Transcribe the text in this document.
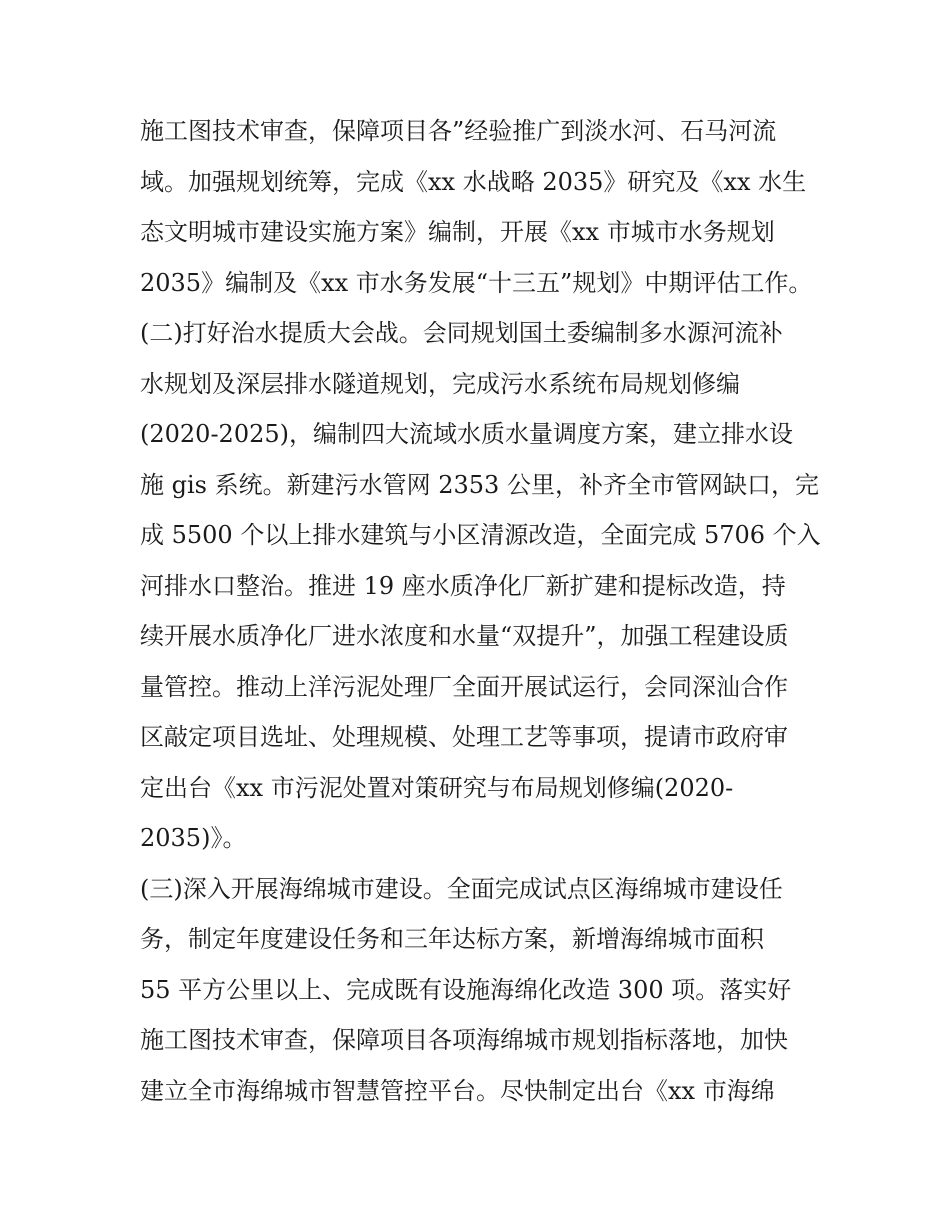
施工图技术审查，保障项目各”经验推广到淡水河、石马河流
域。加强规划统筹，完成《xx 水战略 2035》研究及《xx 水生
态文明城市建设实施方案》编制，开展《xx 市城市水务规划
2035》编制及《xx 市水务发展“十三五”规划》中期评估工作。
(二)打好治水提质大会战。会同规划国土委编制多水源河流补
水规划及深层排水隧道规划，完成污水系统布局规划修编
(2020-2025)，编制四大流域水质水量调度方案，建立排水设
施 gis 系统。新建污水管网 2353 公里，补齐全市管网缺口，完
成 5500 个以上排水建筑与小区清源改造，全面完成 5706 个入
河排水口整治。推进 19 座水质净化厂新扩建和提标改造，持
续开展水质净化厂进水浓度和水量“双提升”，加强工程建设质
量管控。推动上洋污泥处理厂全面开展试运行，会同深汕合作
区敲定项目选址、处理规模、处理工艺等事项，提请市政府审
定出台《xx 市污泥处置对策研究与布局规划修编(2020-
2035)》。
(三)深入开展海绵城市建设。全面完成试点区海绵城市建设任
务，制定年度建设任务和三年达标方案，新增海绵城市面积
55 平方公里以上、完成既有设施海绵化改造 300 项。落实好
施工图技术审查，保障项目各项海绵城市规划指标落地，加快
建立全市海绵城市智慧管控平台。尽快制定出台《xx 市海绵
